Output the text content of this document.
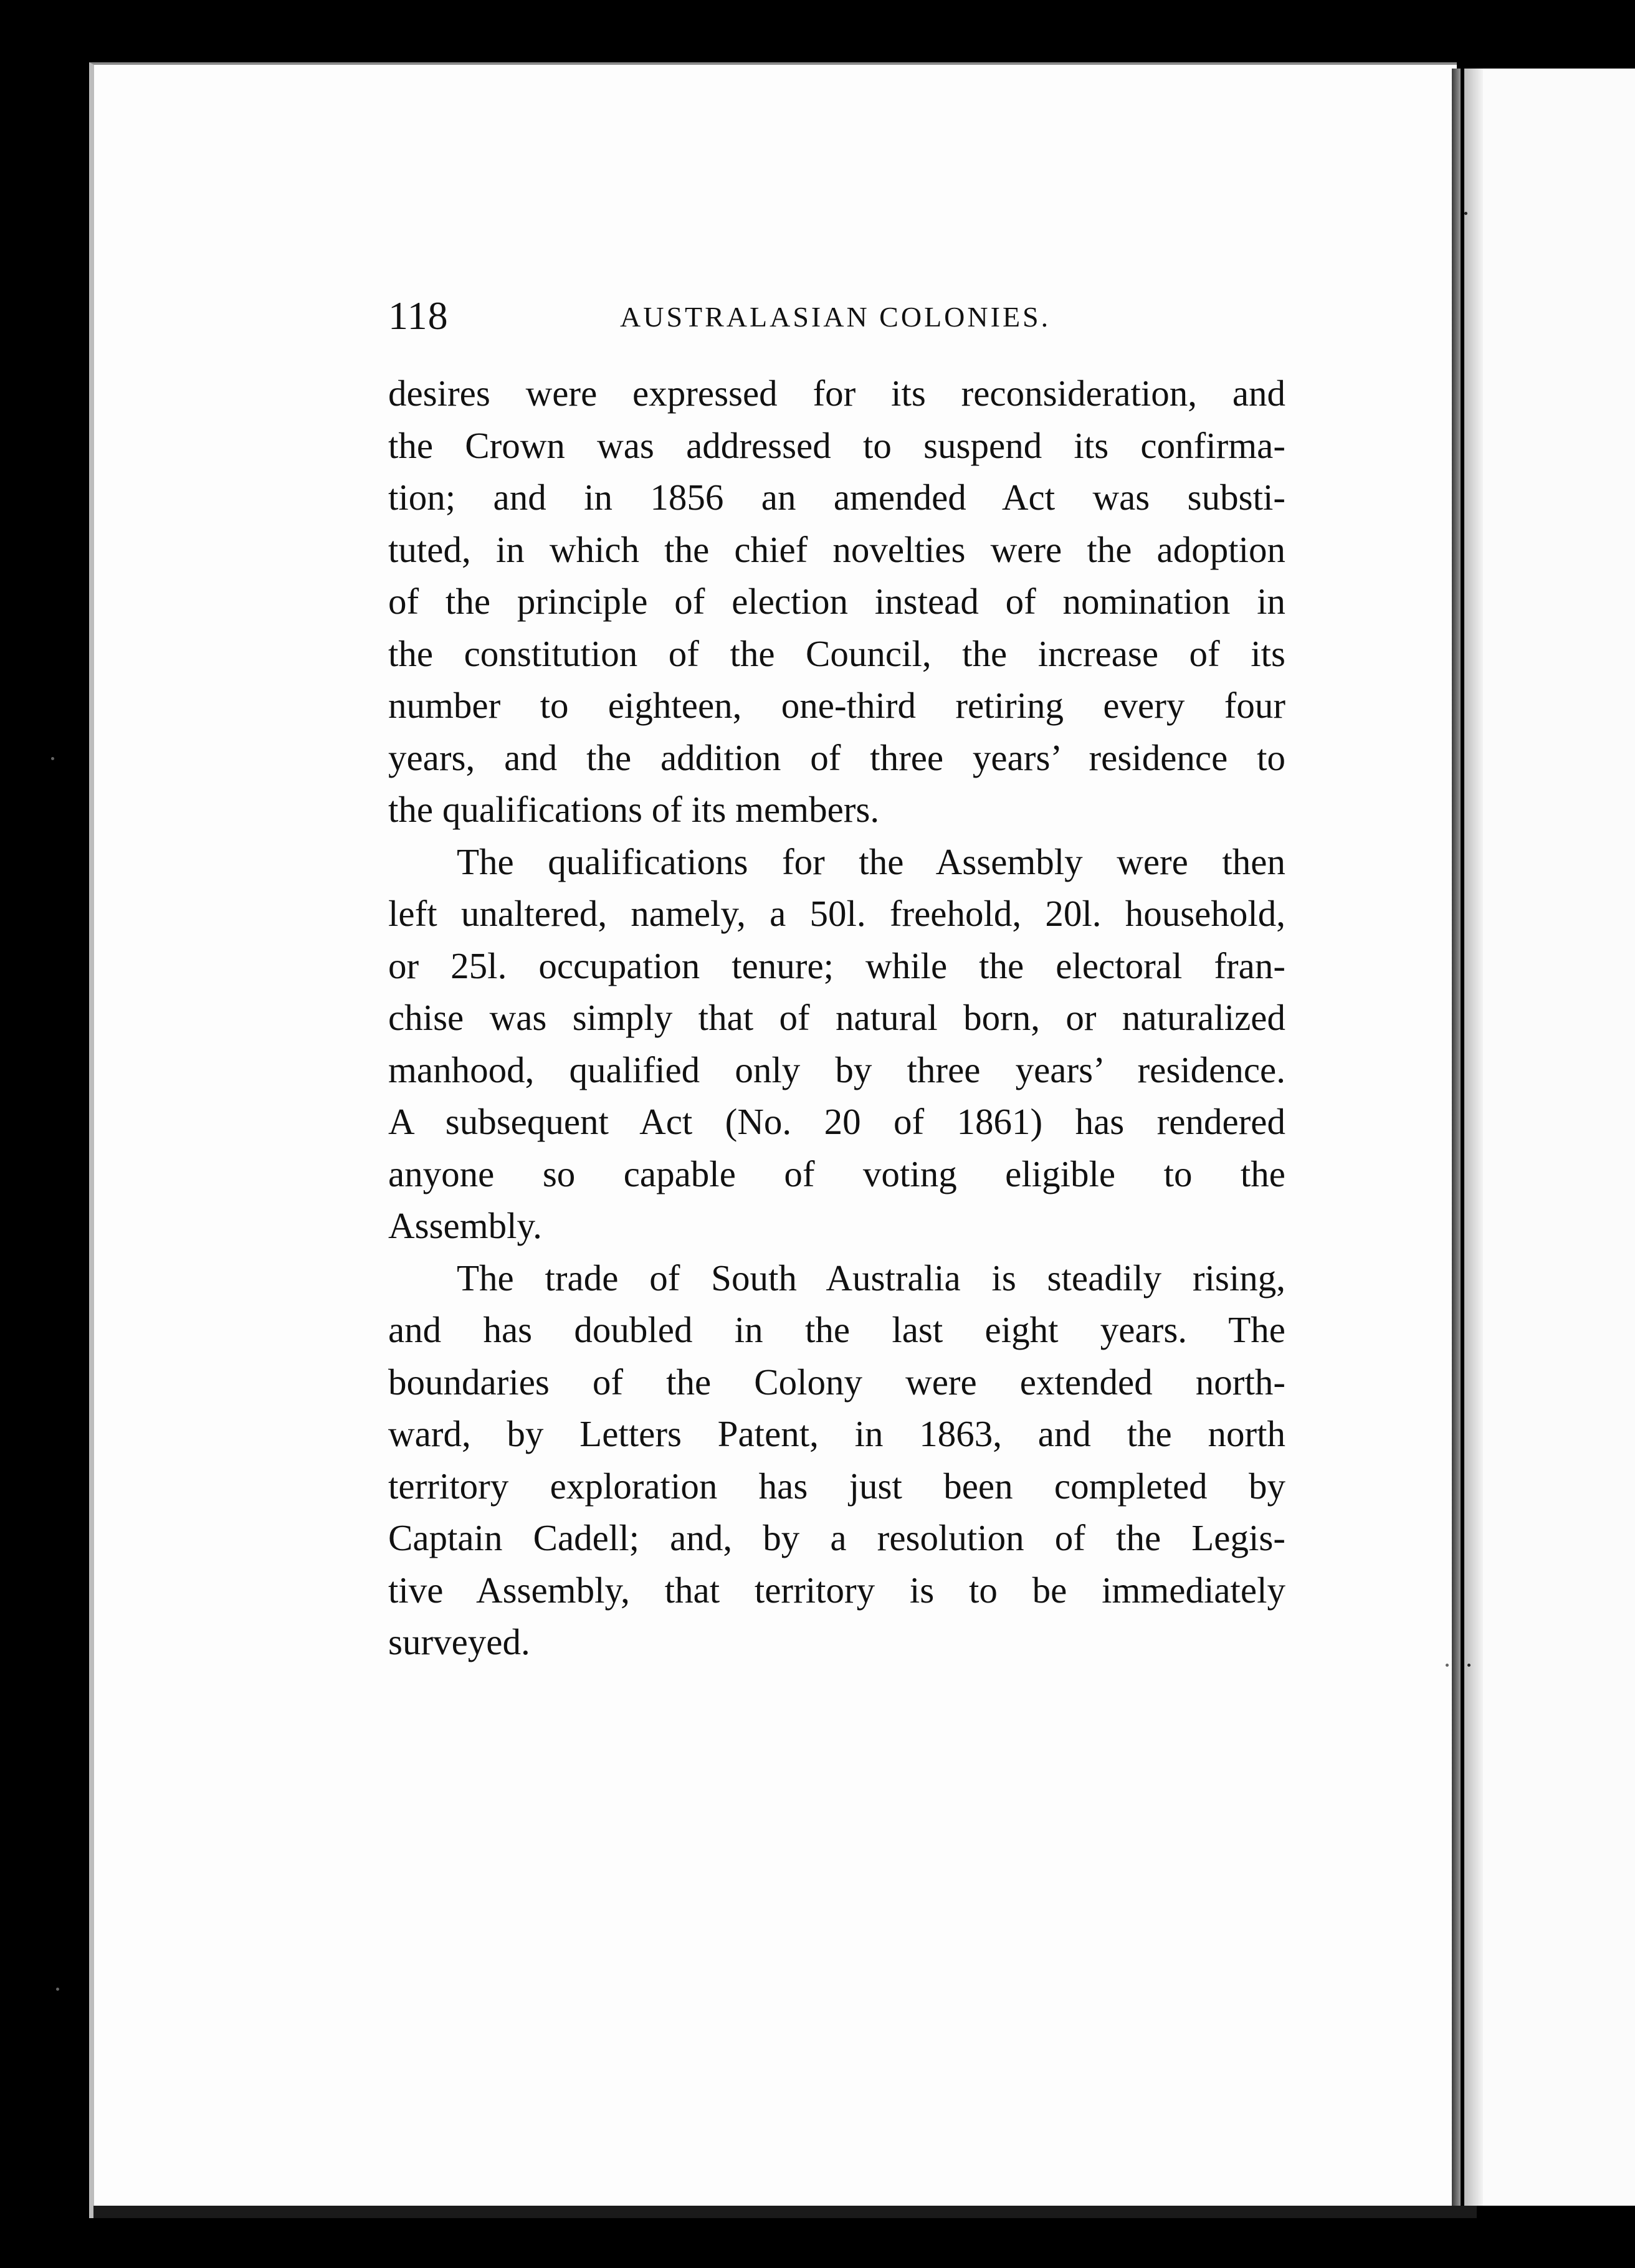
118	AUSTRALASIAN COLONIES.
desires were expressed for its reconsideration, and
the Crown was addressed to suspend its confirma-
tion; and in 1856 an amended Act was substi-
tuted, in which the chief novelties were the adoption
of the principle of election instead of nomination in
the constitution of the Council, the increase of its
number to eighteen, one-third retiring every four
years, and the addition of three years’ residence to
the qualifications of its members.
The qualifications for the Assembly were then
left unaltered, namely, a 50l. freehold, 20l. household,
or 25l. occupation tenure; while the electoral fran-
chise was simply that of natural born, or naturalized
manhood, qualified only by three years’ residence.
A subsequent Act (No. 20 of 1861) has rendered
anyone so capable of voting eligible to the
Assembly.
The trade of South Australia is steadily rising,
and has doubled in the last eight years. The
boundaries of the Colony were extended north-
ward, by Letters Patent, in 1863, and the north
territory exploration has just been completed by
Captain Cadell; and, by a resolution of the Legis-
tive Assembly, that territory is to be immediately
surveyed.
